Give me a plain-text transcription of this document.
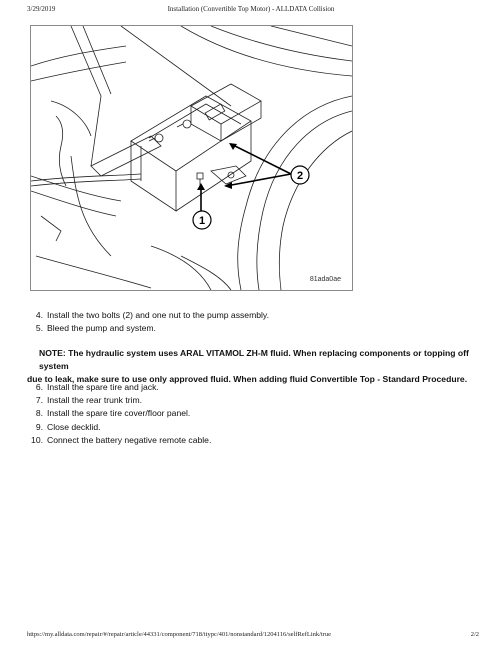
3/29/2019	Installation (Convertible Top Motor) - ALLDATA Collision
2
1
81ada0ae
4. Install the two bolts (2) and one nut to the pump assembly.
5. Bleed the pump and system.
NOTE: The hydraulic system uses ARAL VITAMOL ZH-M fluid. When replacing components or topping off system
due to leak, make sure to use only approved fluid. When adding fluid Convertible Top - Standard Procedure.
6. Install the spare tire and jack.
7. Install the rear trunk trim.
8. Install the spare tire cover/floor panel.
9. Close decklid.
10. Connect the battery negative remote cable.
https://my.alldata.com/repair/#/repair/article/44331/component/718/itypc/401/nonstandard/1204116/selfRefLink/true	2/2
